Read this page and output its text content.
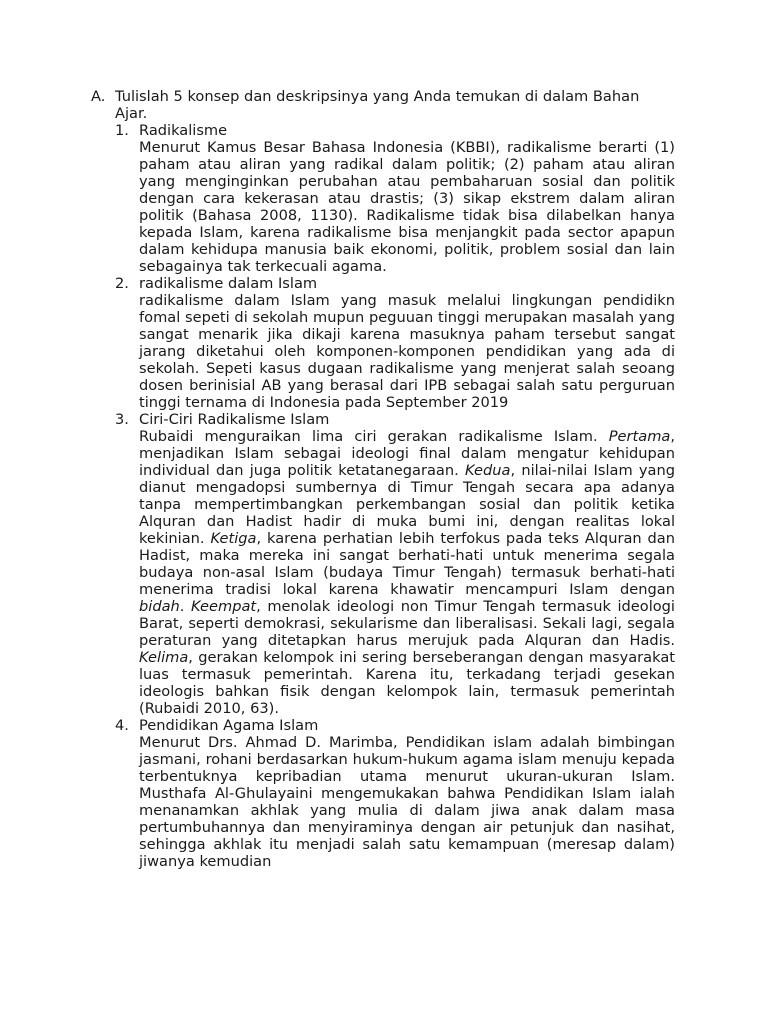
A. Tulislah 5 konsep dan deskripsinya yang Anda temukan di dalam Bahan Ajar.
1. Radikalisme
Menurut Kamus Besar Bahasa Indonesia (KBBI), radikalisme berarti (1) paham atau aliran yang radikal dalam politik; (2) paham atau aliran yang menginginkan perubahan atau pembaharuan sosial dan politik dengan cara kekerasan atau drastis; (3) sikap ekstrem dalam aliran politik (Bahasa 2008, 1130). Radikalisme tidak bisa dilabelkan hanya kepada Islam, karena radikalisme bisa menjangkit pada sector apapun dalam kehidupa manusia baik ekonomi, politik, problem sosial dan lain sebagainya tak terkecuali agama.
2. radikalisme dalam Islam
radikalisme dalam Islam yang masuk melalui lingkungan pendidikn fomal sepeti di sekolah mupun peguuan tinggi merupakan masalah yang sangat menarik jika dikaji karena masuknya paham tersebut sangat jarang diketahui oleh komponen-komponen pendidikan yang ada di sekolah. Sepeti kasus dugaan radikalisme yang menjerat salah seoang dosen berinisial AB yang berasal dari IPB sebagai salah satu perguruan tinggi ternama di Indonesia pada September 2019
3. Ciri-Ciri Radikalisme Islam
Rubaidi menguraikan lima ciri gerakan radikalisme Islam. Pertama, menjadikan Islam sebagai ideologi final dalam mengatur kehidupan individual dan juga politik ketatanegaraan. Kedua, nilai-nilai Islam yang dianut mengadopsi sumbernya di Timur Tengah secara apa adanya tanpa mempertimbangkan perkembangan sosial dan politik ketika Alquran dan Hadist hadir di muka bumi ini, dengan realitas lokal kekinian. Ketiga, karena perhatian lebih terfokus pada teks Alquran dan Hadist, maka mereka ini sangat berhati-hati untuk menerima segala budaya non-asal Islam (budaya Timur Tengah) termasuk berhati-hati menerima tradisi lokal karena khawatir mencampuri Islam dengan bidah. Keempat, menolak ideologi non Timur Tengah termasuk ideologi Barat, seperti demokrasi, sekularisme dan liberalisasi. Sekali lagi, segala peraturan yang ditetapkan harus merujuk pada Alquran dan Hadis. Kelima, gerakan kelompok ini sering berseberangan dengan masyarakat luas termasuk pemerintah. Karena itu, terkadang terjadi gesekan ideologis bahkan fisik dengan kelompok lain, termasuk pemerintah (Rubaidi 2010, 63).
4. Pendidikan Agama Islam
Menurut Drs. Ahmad D. Marimba, Pendidikan islam adalah bimbingan jasmani, rohani berdasarkan hukum-hukum agama islam menuju kepada terbentuknya kepribadian utama menurut ukuran-ukuran Islam. Musthafa Al-Ghulayaini mengemukakan bahwa Pendidikan Islam ialah menanamkan akhlak yang mulia di dalam jiwa anak dalam masa pertumbuhannya dan menyiraminya dengan air petunjuk dan nasihat, sehingga akhlak itu menjadi salah satu kemampuan (meresap dalam) jiwanya kemudian
